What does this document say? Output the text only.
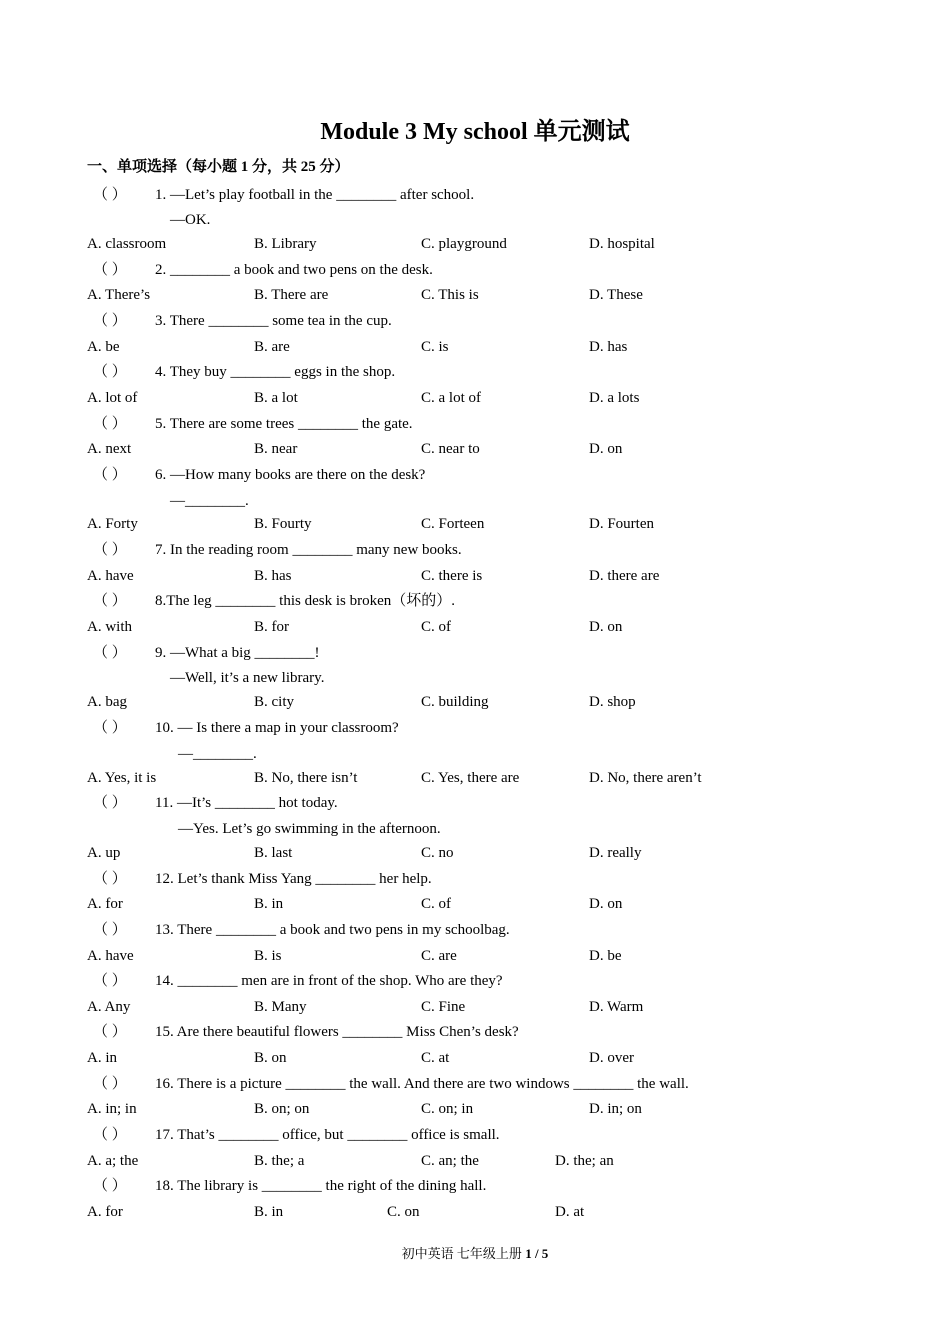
Module 3 My school 单元测试
一、单项选择（每小题 1 分，共 25 分）
（ ） 1. —Let’s play football in the ________ after school.
—OK.
A. classroom	B. Library	C. playground	D. hospital
（ ） 2. ________ a book and two pens on the desk.
A. There’s	B. There are	C. This is	D. These
（ ） 3. There ________ some tea in the cup.
A. be	B. are	C. is	D. has
（ ） 4. They buy ________ eggs in the shop.
A. lot of	B. a lot	C. a lot of	D. a lots
（ ） 5. There are some trees ________ the gate.
A. next	B. near	C. near to	D. on
（ ） 6. —How many books are there on the desk?
—________.
A. Forty	B. Fourty	C. Forteen	D. Fourten
（ ） 7. In the reading room ________ many new books.
A. have	B. has	C. there is	D. there are
（ ） 8.The leg ________ this desk is broken（坏的）.
A. with	B. for	C. of	D. on
（ ） 9. —What a big ________!
—Well, it’s a new library.
A. bag	B. city	C. building	D. shop
（ ） 10. — Is there a map in your classroom?
—________.
A. Yes, it is	B. No, there isn’t	C. Yes, there are	D. No, there aren’t
（ ） 11. —It’s ________ hot today.
—Yes. Let’s go swimming in the afternoon.
A. up	B. last	C. no	D. really
（ ） 12. Let’s thank Miss Yang ________ her help.
A. for	B. in	C. of	D. on
（ ） 13. There ________ a book and two pens in my schoolbag.
A. have	B. is	C. are	D. be
（ ） 14. ________ men are in front of the shop. Who are they?
A. Any	B. Many	C. Fine	D. Warm
（ ） 15. Are there beautiful flowers ________ Miss Chen’s desk?
A. in	B. on	C. at	D. over
（ ） 16. There is a picture ________ the wall. And there are two windows ________ the wall.
A. in; in	B. on; on	C. on; in	D. in; on
（ ） 17. That’s ________ office, but ________ office is small.
A. a; the	B. the; a	C. an; the	D. the; an
（ ） 18. The library is ________ the right of the dining hall.
A. for	B. in	C. on	D. at
初中英语 七年级上册 1 / 5
